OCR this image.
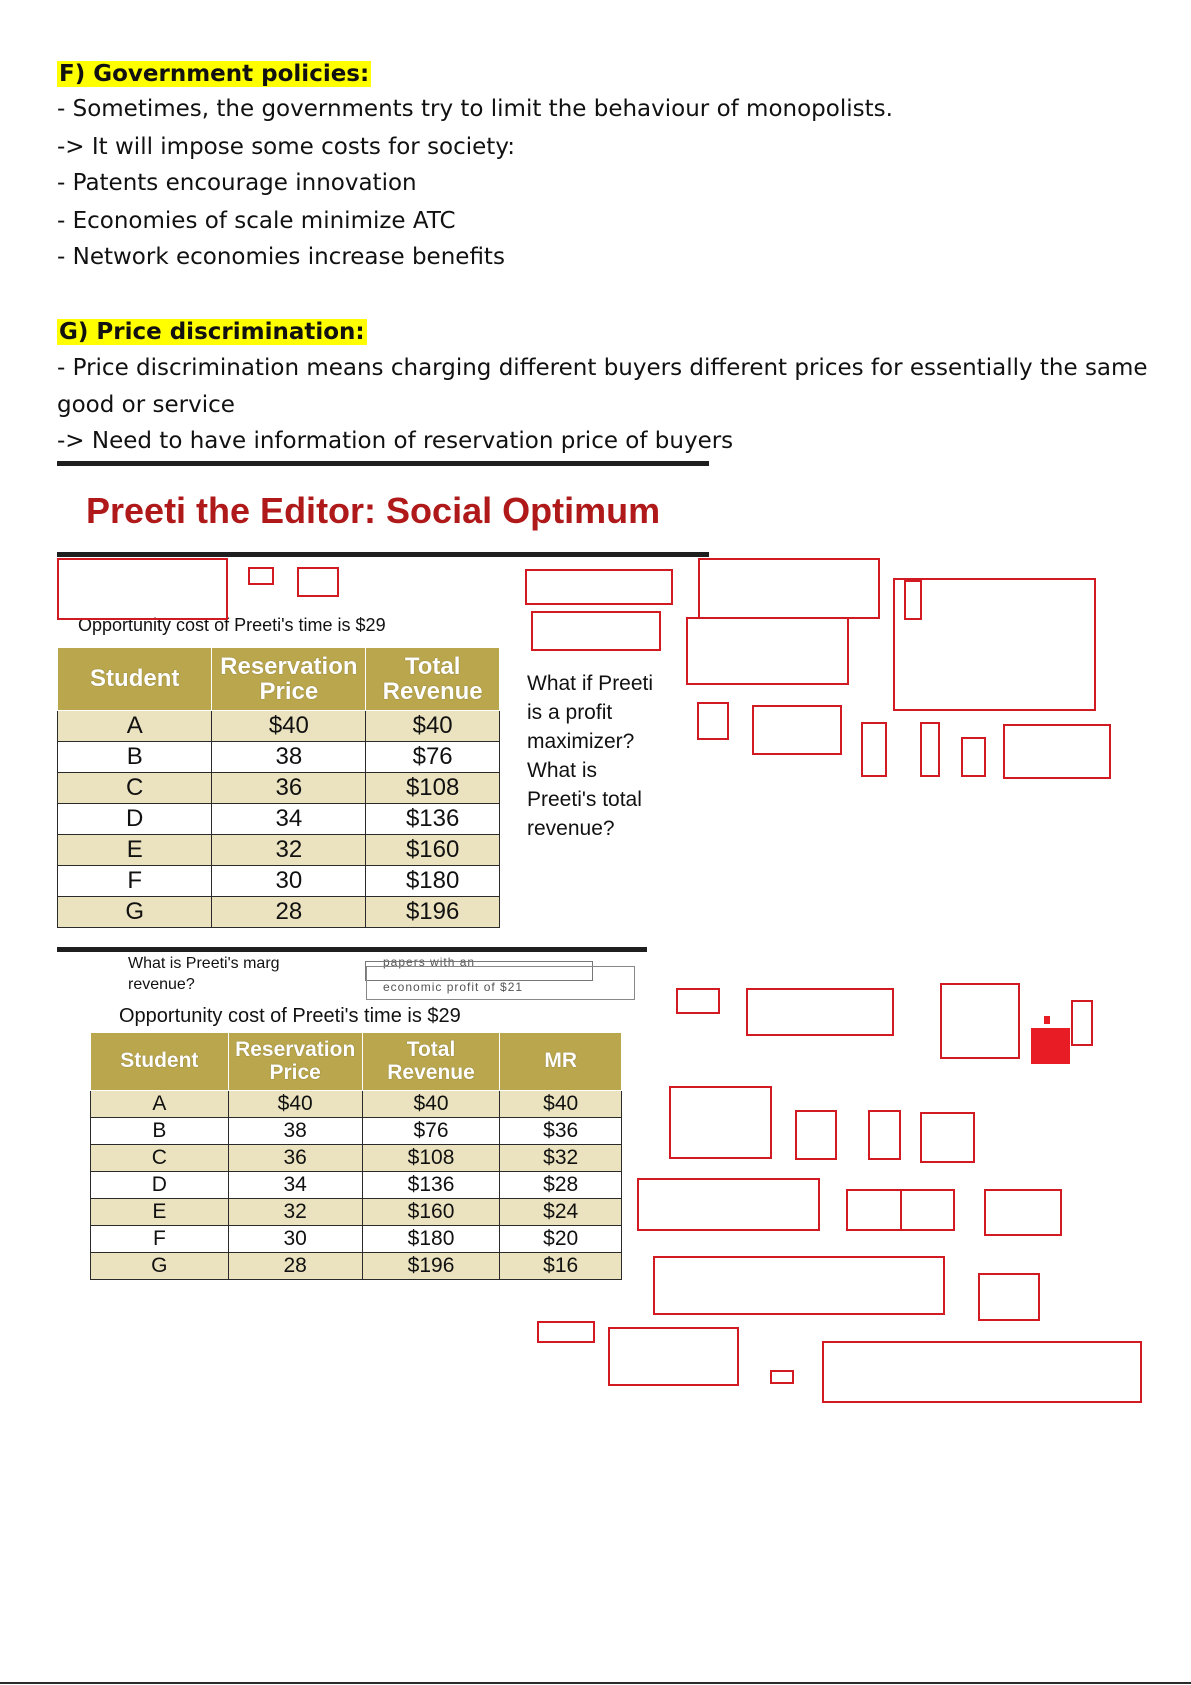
F) Government policies:
- Sometimes, the governments try to limit the behaviour of monopolists.
-> It will impose some costs for society:
- Patents encourage innovation
- Economies of scale minimize ATC
- Network economies increase benefits
G) Price discrimination:
- Price discrimination means charging different buyers different prices for essentially the same
good or service
-> Need to have information of reservation price of buyers
Preeti the Editor: Social Optimum
Opportunity cost of Preeti's time is $29
Student	Reservation Price	Total Revenue
A	$40	$40
B	38	$76
C	36	$108
D	34	$136
E	32	$160
F	30	$180
G	28	$196
What if Preeti
is a profit
maximizer?
What is
Preeti's total
revenue?
What is Preeti's marg
revenue?
papers with an
economic profit of $21
Opportunity cost of Preeti's time is $29
Student	Reservation Price	Total Revenue	MR
A	$40	$40	$40
B	38	$76	$36
C	36	$108	$32
D	34	$136	$28
E	32	$160	$24
F	30	$180	$20
G	28	$196	$16
